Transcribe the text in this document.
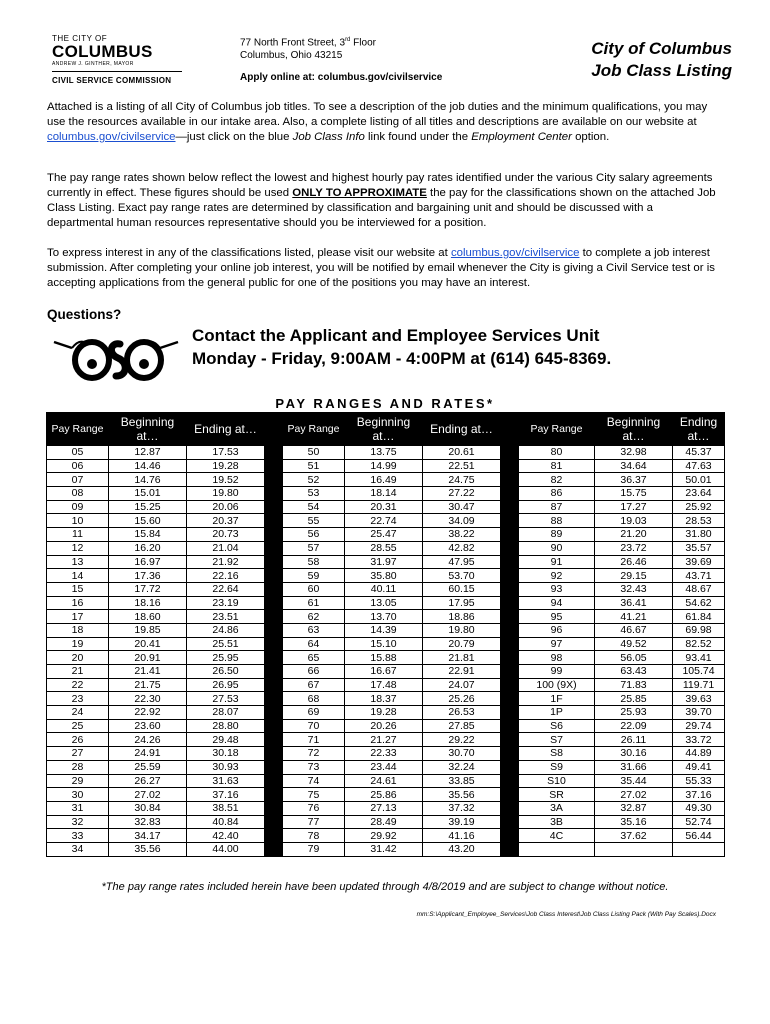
THE CITY OF
COLUMBUS
ANDREW J. GINTHER, MAYOR
CIVIL SERVICE COMMISSION
77 North Front Street, 3rd Floor
Columbus, Ohio 43215
Apply online at: columbus.gov/civilservice
City of Columbus
Job Class Listing

Attached is a listing of all City of Columbus job titles. To see a description of the job duties and the minimum qualifications, you may use the resources available in our intake area. Also, a complete listing of all titles and descriptions are available on our website at columbus.gov/civilservice—just click on the blue Job Class Info link found under the Employment Center option.

The pay range rates shown below reflect the lowest and highest hourly pay rates identified under the various City salary agreements currently in effect. These figures should be used ONLY TO APPROXIMATE the pay for the classifications shown on the attached Job Class Listing. Exact pay range rates are determined by classification and bargaining unit and should be discussed with a departmental human resources representative should you be interviewed for a position.

To express interest in any of the classifications listed, please visit our website at columbus.gov/civilservice to complete a job interest submission. After completing your online job interest, you will be notified by email whenever the City is giving a Civil Service test or is accepting applications from the general public for one of the positions you may have an interest.

Questions?
Contact the Applicant and Employee Services Unit
Monday - Friday, 9:00AM - 4:00PM at (614) 645-8369.
PAY RANGES AND RATES*
Pay Range	Beginning at…	Ending at…		Pay Range	Beginning at…	Ending at…		Pay Range	Beginning at…	Ending at…
05	12.87	17.53		50	13.75	20.61		80	32.98	45.37
06	14.46	19.28		51	14.99	22.51		81	34.64	47.63
07	14.76	19.52		52	16.49	24.75		82	36.37	50.01
08	15.01	19.80		53	18.14	27.22		86	15.75	23.64
09	15.25	20.06		54	20.31	30.47		87	17.27	25.92
10	15.60	20.37		55	22.74	34.09		88	19.03	28.53
11	15.84	20.73		56	25.47	38.22		89	21.20	31.80
12	16.20	21.04		57	28.55	42.82		90	23.72	35.57
13	16.97	21.92		58	31.97	47.95		91	26.46	39.69
14	17.36	22.16		59	35.80	53.70		92	29.15	43.71
15	17.72	22.64		60	40.11	60.15		93	32.43	48.67
16	18.16	23.19		61	13.05	17.95		94	36.41	54.62
17	18.60	23.51		62	13.70	18.86		95	41.21	61.84
18	19.85	24.86		63	14.39	19.80		96	46.67	69.98
19	20.41	25.51		64	15.10	20.79		97	49.52	82.52
20	20.91	25.95		65	15.88	21.81		98	56.05	93.41
21	21.41	26.50		66	16.67	22.91		99	63.43	105.74
22	21.75	26.95		67	17.48	24.07		100 (9X)	71.83	119.71
23	22.30	27.53		68	18.37	25.26		1F	25.85	39.63
24	22.92	28.07		69	19.28	26.53		1P	25.93	39.70
25	23.60	28.80		70	20.26	27.85		S6	22.09	29.74
26	24.26	29.48		71	21.27	29.22		S7	26.11	33.72
27	24.91	30.18		72	22.33	30.70		S8	30.16	44.89
28	25.59	30.93		73	23.44	32.24		S9	31.66	49.41
29	26.27	31.63		74	24.61	33.85		S10	35.44	55.33
30	27.02	37.16		75	25.86	35.56		SR	27.02	37.16
31	30.84	38.51		76	27.13	37.32		3A	32.87	49.30
32	32.83	40.84		77	28.49	39.19		3B	35.16	52.74
33	34.17	42.40		78	29.92	41.16		4C	37.62	56.44
34	35.56	44.00		79	31.42	43.20				
*The pay range rates included herein have been updated through 4/8/2019 and are subject to change without notice.
mm:S:\Applicant_Employee_Services\Job Class Interest\Job Class Listing Pack (With Pay Scales).Docx
